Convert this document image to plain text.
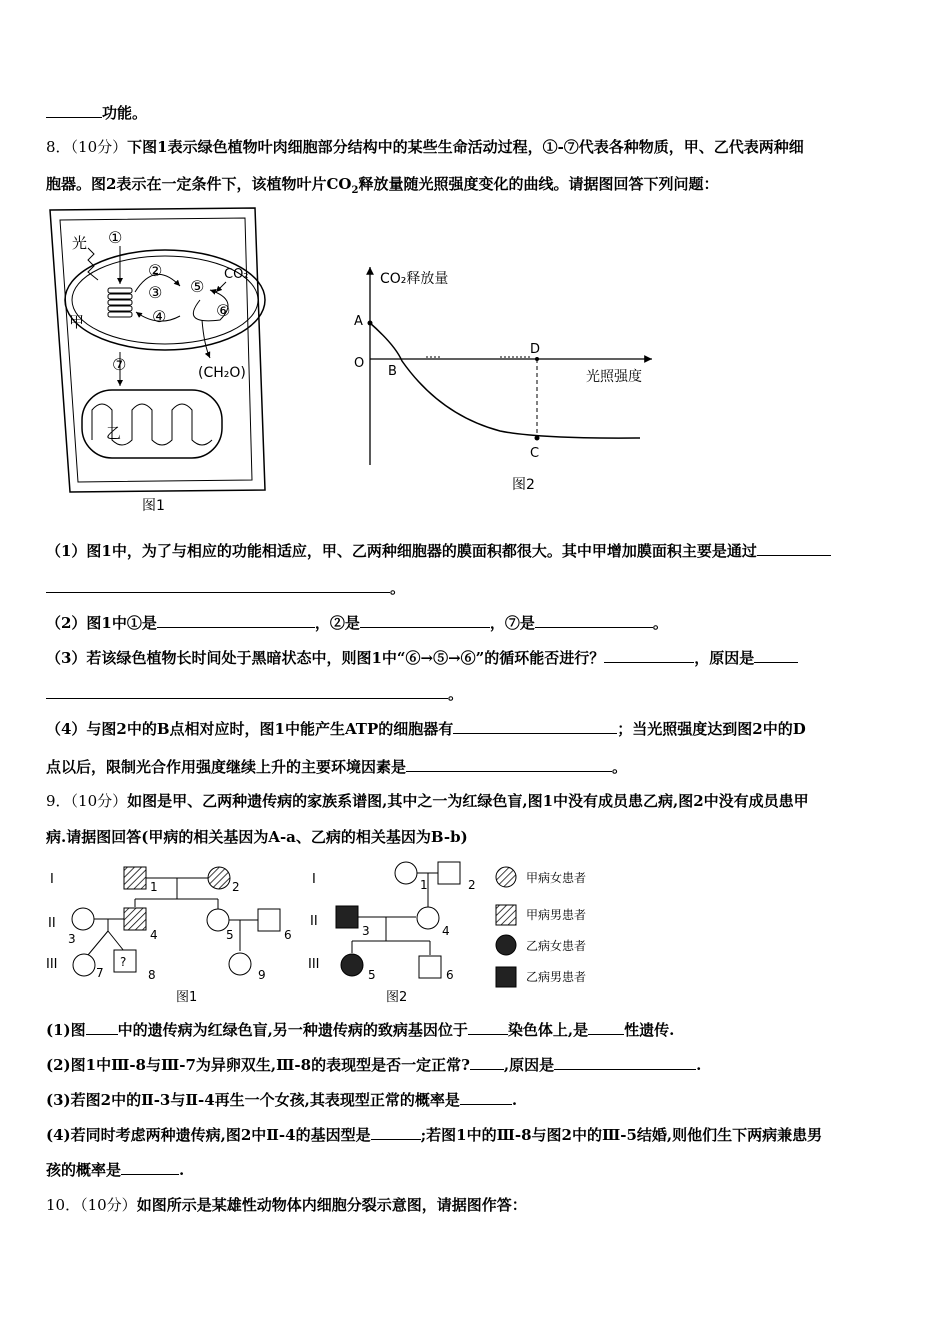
功能。
8．（10分）下图1表示绿色植物叶肉细胞部分结构中的某些生命活动过程，①-⑦代表各种物质，甲、乙代表两种细
胞器。图2表示在一定条件下，该植物叶片$CO_2$释放量随光照强度变化的曲线。请据图回答下列问题：
光 ①
②
③
④
⑤
⑥
CO₂
甲
(CH₂O)
⑦
乙
图1
CO₂释放量
光照强度
A
O
B
D
C
图2
（1）图1中，为了与相应的功能相适应，甲、乙两种细胞器的膜面积都很大。其中甲增加膜面积主要是通过
。
（2）图1中①是	，②是	，⑦是	。
（3）若该绿色植物长时间处于黑暗状态中，则图1中“⑥→⑤→⑥”的循环能否进行？	，原因是
。
（4）与图2中的B点相对应时，图1中能产生ATP的细胞器有	；当光照强度达到图2中的D
点以后，限制光合作用强度继续上升的主要环境因素是	。
9．（10分）如图是甲、乙两种遗传病的家族系谱图,其中之一为红绿色盲,图1中没有成员患乙病,图2中没有成员患甲
病.请据图回答(甲病的相关基因为A-a、乙病的相关基因为B-b)
I
II
III
1	2
3	4	5	6
7
?
8	9
图1
I
II
III
1	2
3	4
5	6
图2
甲病女患者
甲病男患者
乙病女患者
乙病男患者
(1)图 中的遗传病为红绿色盲,另一种遗传病的致病基因位于	染色体上,是 性遗传.
(2)图1中Ⅲ-8与Ⅲ-7为异卵双生,Ⅲ-8的表现型是否一定正常? ,原因是	.
(3)若图2中的Ⅱ-3与Ⅱ-4再生一个女孩,其表现型正常的概率是	.
(4)若同时考虑两种遗传病,图2中Ⅱ-4的基因型是	;若图1中的Ⅲ-8与图2中的Ⅲ-5结婚,则他们生下两病兼患男
孩的概率是	.
10．（10分）如图所示是某雄性动物体内细胞分裂示意图，请据图作答：
